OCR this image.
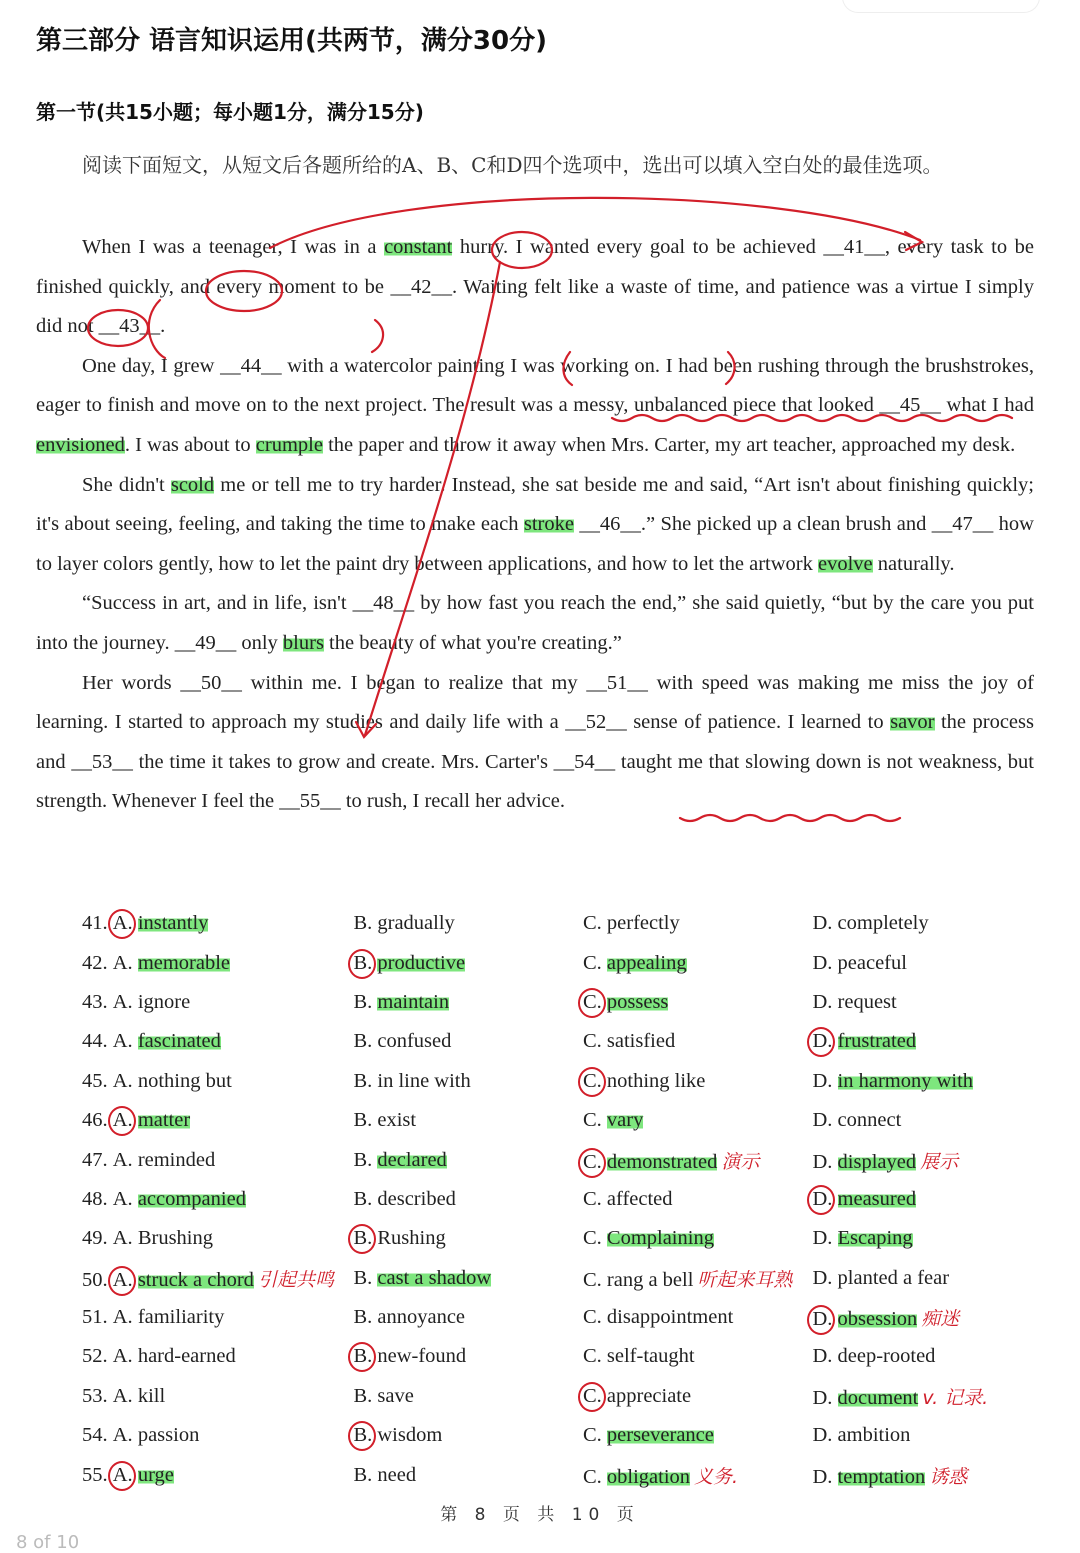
第三部分 语言知识运用(共两节，满分30分)
第一节(共15小题；每小题1分，满分15分)
阅读下面短文，从短文后各题所给的A、B、C和D四个选项中，选出可以填入空白处的最佳选项。

When I was a teenager, I was in a constant hurry. I wanted every goal to be achieved __41__, every task to be finished quickly, and every moment to be __42__. Waiting felt like a waste of time, and patience was a virtue I simply did not __43__.

One day, I grew __44__ with a watercolor painting I was working on. I had been rushing through the brushstrokes, eager to finish and move on to the next project. The result was a messy, unbalanced piece that looked __45__ what I had envisioned. I was about to crumple the paper and throw it away when Mrs. Carter, my art teacher, approached my desk.

She didn't scold me or tell me to try harder. Instead, she sat beside me and said, “Art isn't about finishing quickly; it's about seeing, feeling, and taking the time to make each stroke __46__.” She picked up a clean brush and __47__ how to layer colors gently, how to let the paint dry between applications, and how to let the artwork evolve naturally.

“Success in art, and in life, isn't __48__ by how fast you reach the end,” she said quietly, “but by the care you put into the journey. __49__ only blurs the beauty of what you're creating.”

Her words __50__ within me. I began to realize that my __51__ with speed was making me miss the joy of learning. I started to approach my studies and daily life with a __52__ sense of patience. I learned to savor the process and __53__ the time it takes to grow and create. Mrs. Carter's __54__ taught me that slowing down is not weakness, but strength. Whenever I feel the __55__ to rush, I recall her advice.

41. A. instantly	B. gradually	C. perfectly	D. completely
42. A. memorable	B. productive	C. appealing	D. peaceful
43. A. ignore	B. maintain	C. possess	D. request
44. A. fascinated	B. confused	C. satisfied	D. frustrated
45. A. nothing but	B. in line with	C. nothing like	D. in harmony with
46. A. matter	B. exist	C. vary	D. connect
47. A. reminded	B. declared	C. demonstrated 演示	D. displayed 展示
48. A. accompanied	B. described	C. affected	D. measured
49. A. Brushing	B. Rushing	C. Complaining	D. Escaping
50. A. struck a chord 引起共鸣 B. cast a shadow	C. rang a bell 听起来耳熟 D. planted a fear
51. A. familiarity	B. annoyance	C. disappointment	D. obsession 痴迷
52. A. hard-earned	B. new-found	C. self-taught	D. deep-rooted
53. A. kill	B. save	C. appreciate	D. document v. 记录.
54. A. passion	B. wisdom	C. perseverance	D. ambition
55. A. urge	B. need	C. obligation 义务.	D. temptation 诱惑
第 8 页 共 10 页
8 of 10
